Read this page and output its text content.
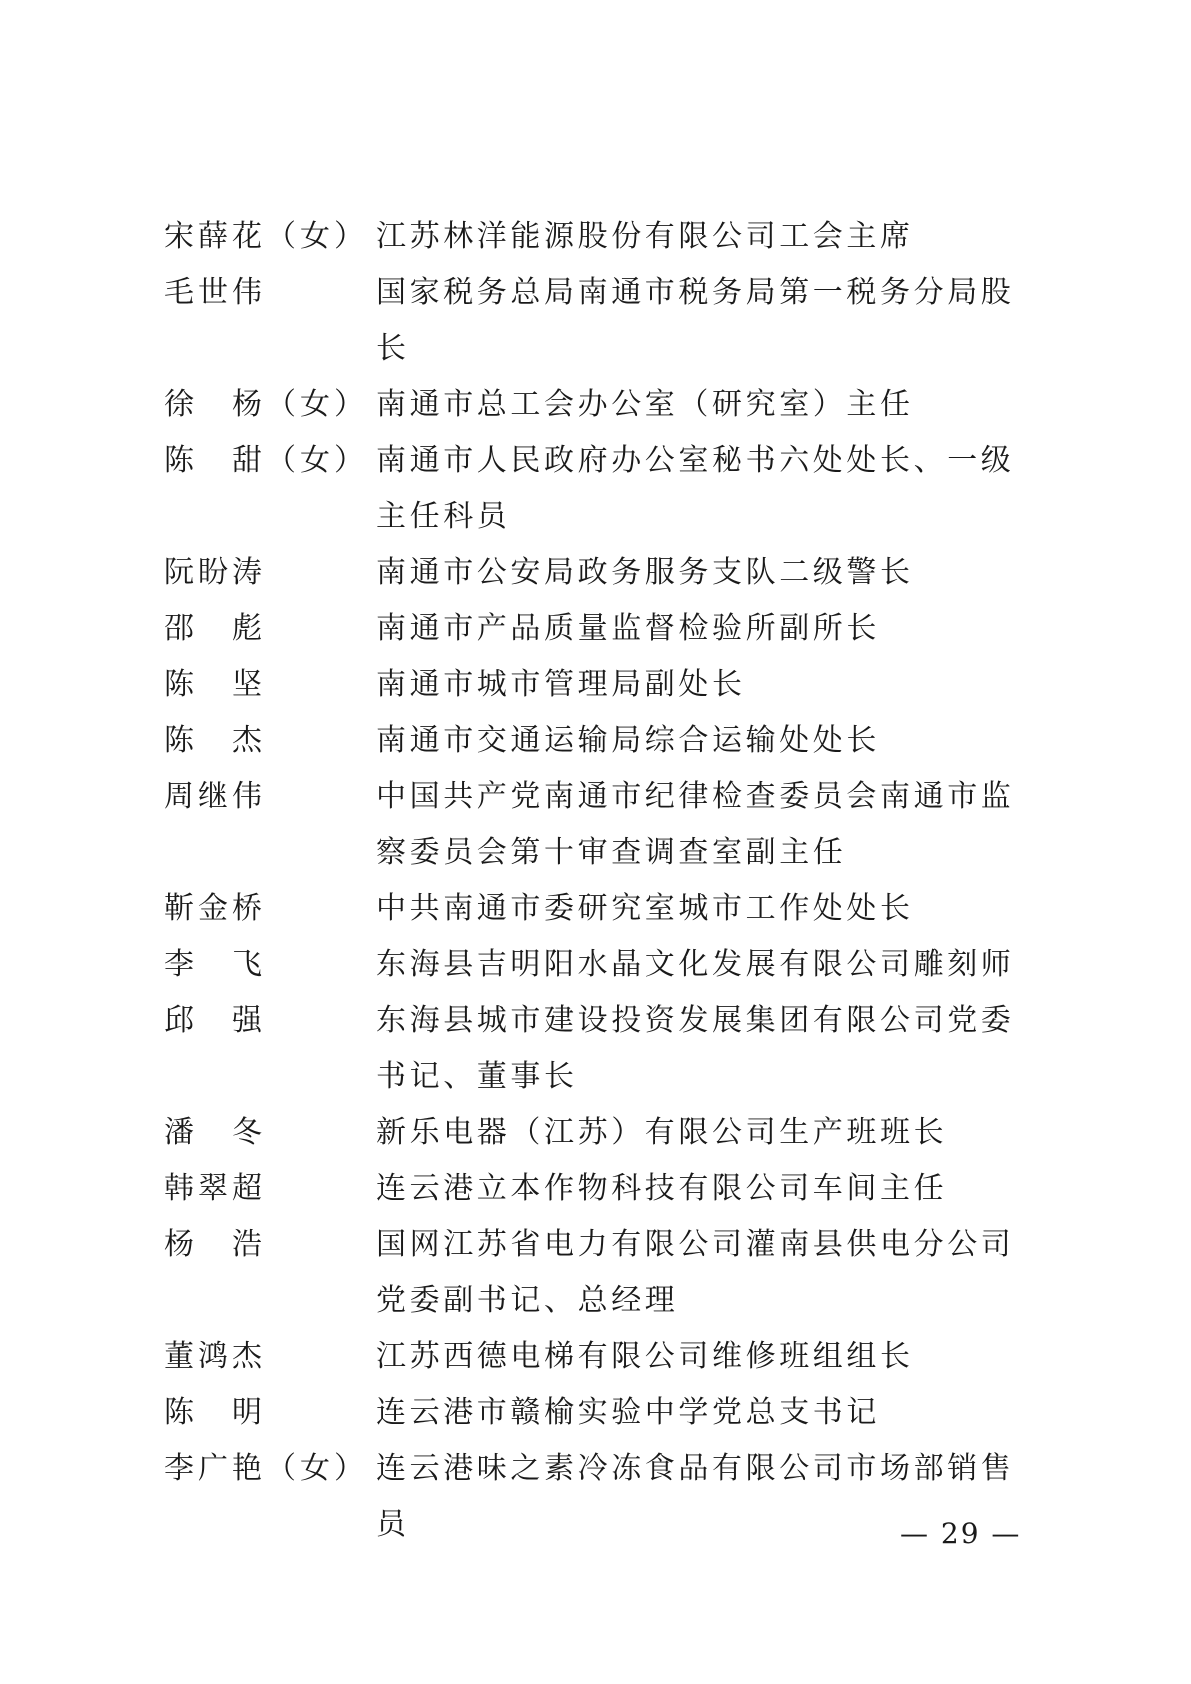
宋薛花（女） 江苏林洋能源股份有限公司工会主席
毛世伟	国家税务总局南通市税务局第一税务分局股长
徐　杨（女） 南通市总工会办公室（研究室）主任
陈　甜（女） 南通市人民政府办公室秘书六处处长、一级主任科员
阮盼涛	南通市公安局政务服务支队二级警长
邵　彪	南通市产品质量监督检验所副所长
陈　坚	南通市城市管理局副处长
陈　杰	南通市交通运输局综合运输处处长
周继伟	中国共产党南通市纪律检查委员会南通市监察委员会第十审查调查室副主任
靳金桥	中共南通市委研究室城市工作处处长
李　飞	东海县吉明阳水晶文化发展有限公司雕刻师
邱　强	东海县城市建设投资发展集团有限公司党委书记、董事长
潘　冬	新乐电器（江苏）有限公司生产班班长
韩翠超	连云港立本作物科技有限公司车间主任
杨　浩	国网江苏省电力有限公司灌南县供电分公司党委副书记、总经理
董鸿杰	江苏西德电梯有限公司维修班组组长
陈　明	连云港市赣榆实验中学党总支书记
李广艳（女） 连云港味之素冷冻食品有限公司市场部销售员	— 29 —
